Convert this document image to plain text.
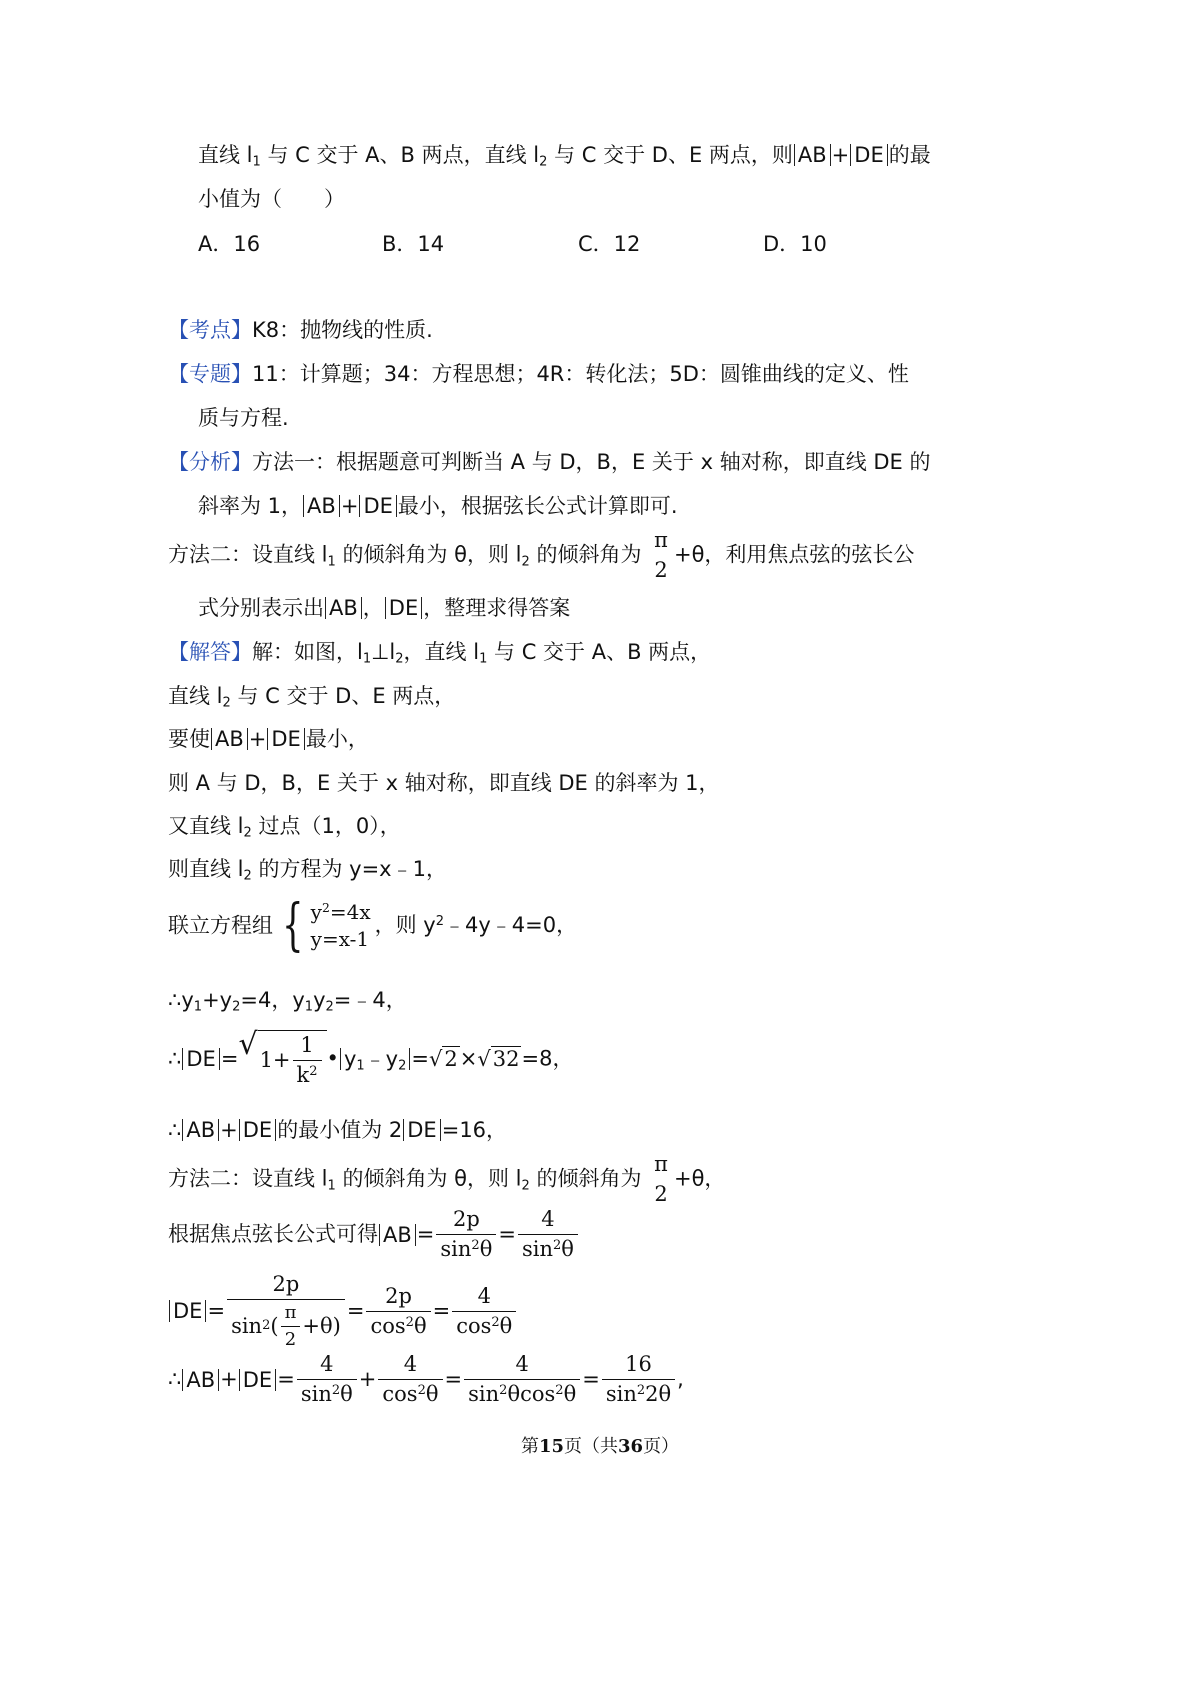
直线 $l_1$ 与 C 交于 A、B 两点，直线 $l_2$ 与 C 交于 D、E 两点，则 AB + DE 的最
小值为（　　）
A．16	B．14	C．12	D．10
【考点】K8：抛物线的性质.
【专题】11：计算题；34：方程思想；4R：转化法；5D：圆锥曲线的定义、性
质与方程.
【分析】方法一：根据题意可判断当 A 与 D，B，E 关于 x 轴对称，即直线 DE 的
斜率为 1， AB + DE 最小，根据弦长公式计算即可.
方法二：设直线 $l_1$ 的倾斜角为 θ，则 $l_2$ 的倾斜角为
π
2
+θ，利用焦点弦的弦长公
式分别表示出 AB ， DE ，整理求得答案
【解答】解：如图，$l_1\perp l_2$，直线 $l_1$ 与 C 交于 A、B 两点，
直线 $l_2$ 与 C 交于 D、E 两点，
要使 AB + DE 最小，
则 A 与 D，B，E 关于 x 轴对称，即直线 DE 的斜率为 1，
又直线 $l_2$ 过点（1，0），
则直线 $l_2$ 的方程为 y=x﹣1，
联立方程组 { $y^2=4x$
y=x-1
，则 $y^2﹣4y﹣4=0$，
$\therefore y_1+y_2=4$，$y_1y_2=﹣4$，
∴ DE = √ $1+ \frac{1}{k^2}$ • $y_1﹣y_2$ = √ 2 × √ 32 =8，
∴ AB + DE 的最小值为 2 DE =16，
方法二：设直线 $l_1$ 的倾斜角为 θ，则 $l_2$ 的倾斜角为
π
2
+θ，
根据焦点弦长公式可得 AB = $\frac{2p}{\sin^2\theta} = \frac{4}{\sin^2\theta}$
DE = $\frac{2p}{\sin 2 ( \frac{\pi}{2} +\theta)} = \frac{2p}{\cos^2\theta} = \frac{4}{\cos^2\theta}$
∴ AB + DE = $\frac{4}{\sin^2\theta} + \frac{4}{\cos^2\theta} = \frac{4}{\sin^2\theta\cos^2\theta} = \frac{16}{\sin^22\theta}$ ,
第15页（共36页）
